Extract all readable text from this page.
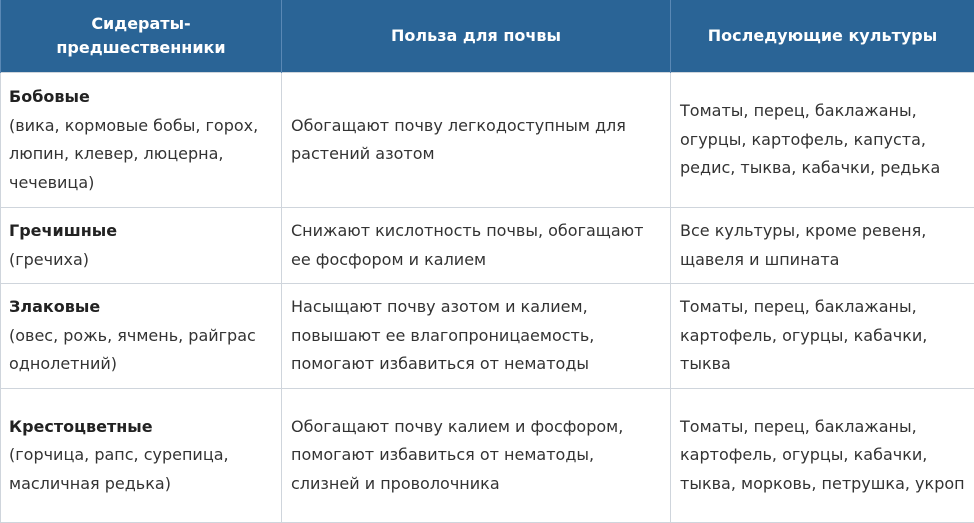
Сидераты-
предшественники	Польза для почвы	Последующие культуры

Бобовые
(вика, кормовые бобы, горох, люпин, клевер, люцерна, чечевица)	Обогащают почву легкодоступным для растений азотом	Томаты, перец, баклажаны, огурцы, картофель, капуста, редис, тыква, кабачки, редька

Гречишные
(гречиха)	Снижают кислотность почвы, обогащают ее фосфором и калием	Все культуры, кроме ревеня, щавеля и шпината

Злаковые
(овес, рожь, ячмень, райграс однолетний)	Насыщают почву азотом и калием, повышают ее влагопроницаемость, помогают избавиться от нематоды	Томаты, перец, баклажаны, картофель, огурцы, кабачки, тыква

Крестоцветные
(горчица, рапс, сурепица, масличная редька)	Обогащают почву калием и фосфором, помогают избавиться от нематоды, слизней и проволочника	Томаты, перец, баклажаны, картофель, огурцы, кабачки, тыква, морковь, петрушка, укроп
